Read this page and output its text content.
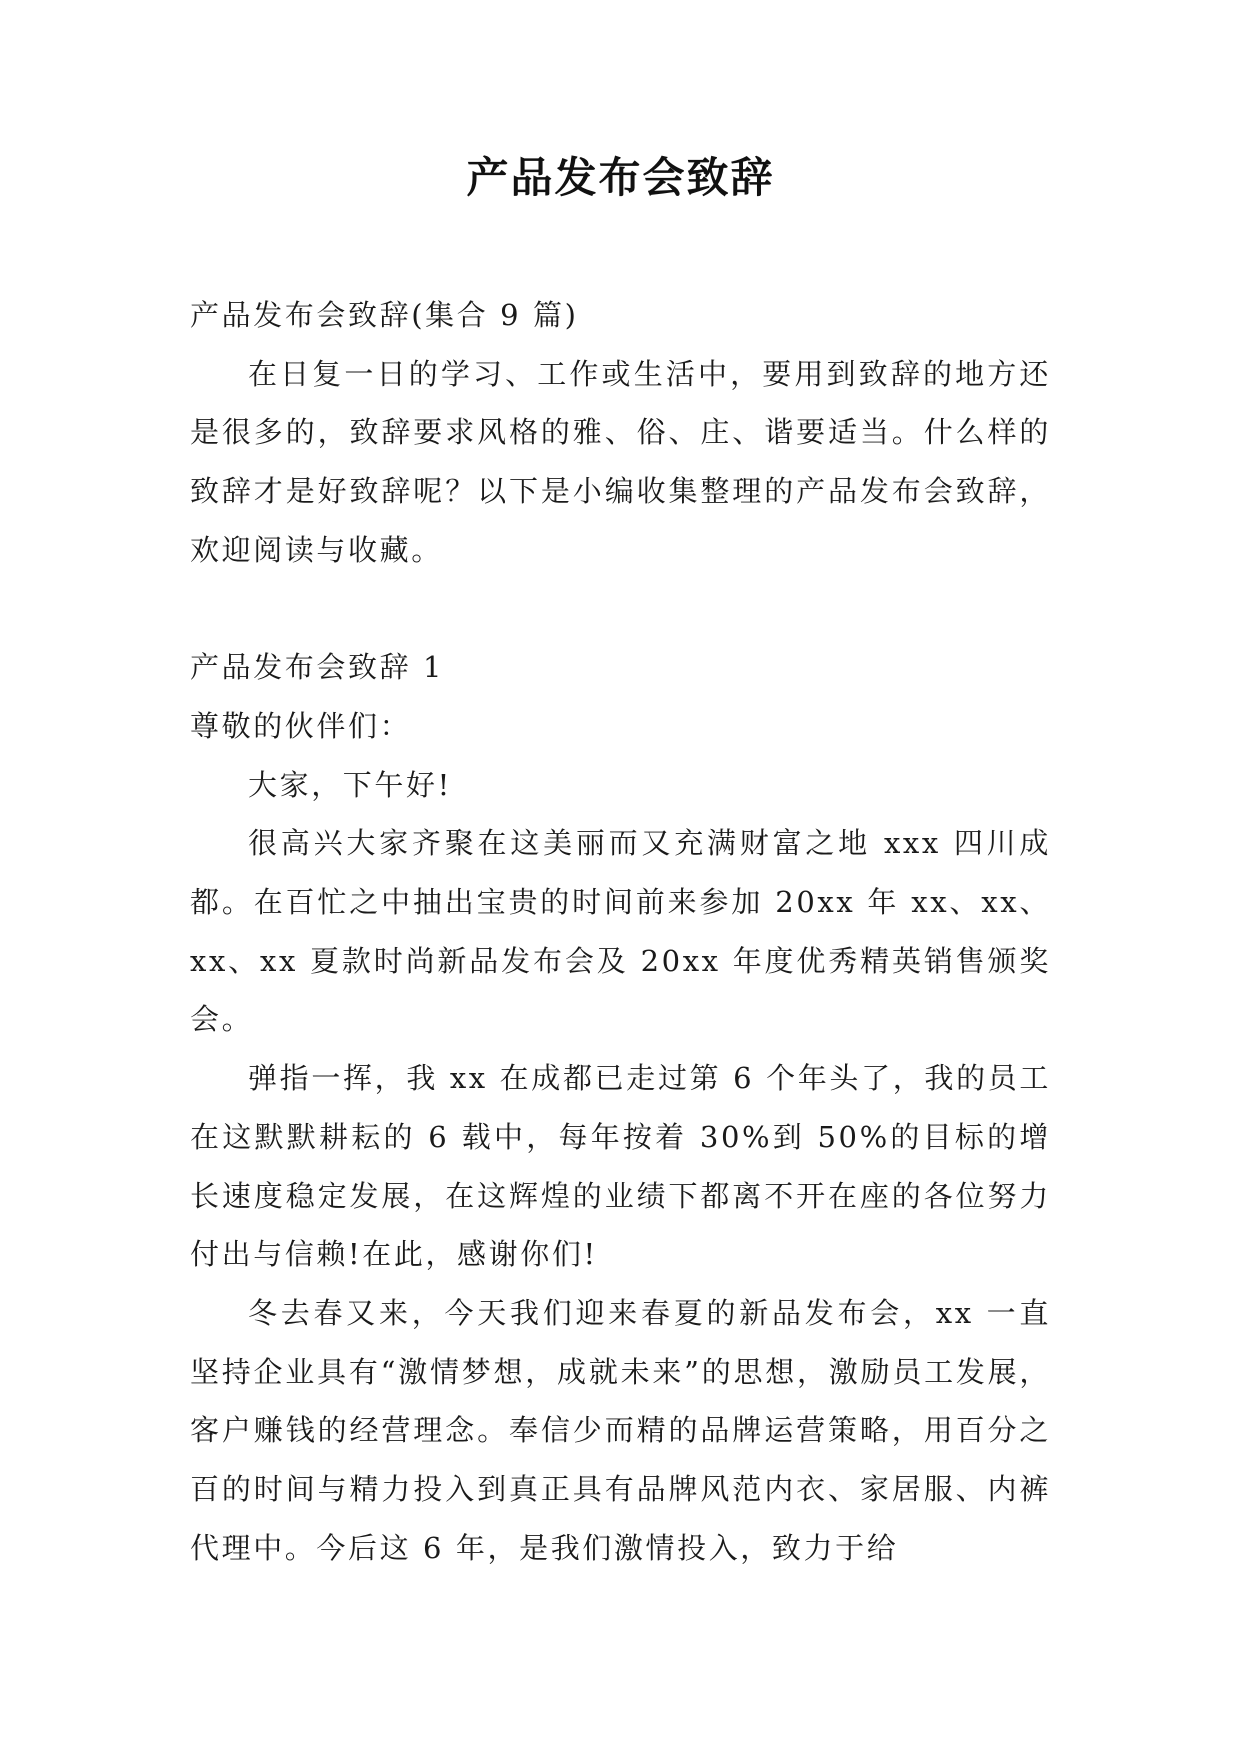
产品发布会致辞

产品发布会致辞(集合 9 篇)

在日复一日的学习、工作或生活中，要用到致辞的地方还是很多的，致辞要求风格的雅、俗、庄、谐要适当。什么样的致辞才是好致辞呢？以下是小编收集整理的产品发布会致辞，欢迎阅读与收藏。

产品发布会致辞 1

尊敬的伙伴们：

大家，下午好!

很高兴大家齐聚在这美丽而又充满财富之地 xxx 四川成都。在百忙之中抽出宝贵的时间前来参加 20xx 年 xx、xx、xx、xx 夏款时尚新品发布会及 20xx 年度优秀精英销售颁奖会。

弹指一挥，我 xx 在成都已走过第 6 个年头了，我的员工在这默默耕耘的 6 载中，每年按着 30%到 50%的目标的增长速度稳定发展，在这辉煌的业绩下都离不开在座的各位努力付出与信赖!在此，感谢你们!

冬去春又来，今天我们迎来春夏的新品发布会，xx 一直坚持企业具有“激情梦想，成就未来”的思想，激励员工发展，客户赚钱的经营理念。奉信少而精的品牌运营策略，用百分之百的时间与精力投入到真正具有品牌风范内衣、家居服、内裤代理中。今后这 6 年，是我们激情投入，致力于给
